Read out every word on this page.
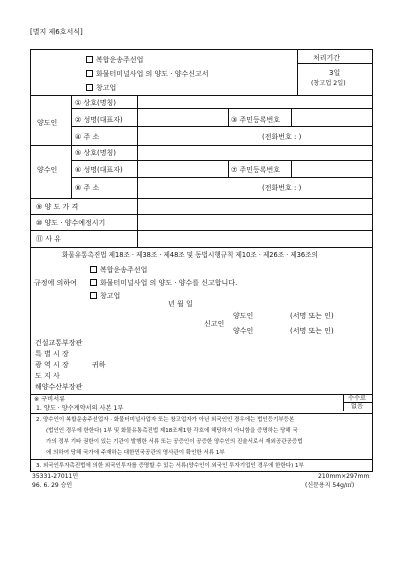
[별지 제6호서식]
복합운송주선업
화물터미널사업 의 양도 · 양수신고서
창고업
처리기간
3일
(창고업 2일)
양도인
① 상호(명칭)
② 성명(대표자)	③ 주민등록번호
④ 주 소	(전화번호 : )
양수인
⑤ 상호(명칭)
⑥ 성명(대표자)	⑦ 주민등록번호
⑧ 주 소	(전화번호 : )
⑨ 양 도 가 격
⑩ 양도 · 양수예정시기
⑪ 사 유
화물유통촉진법 제18조 · 제38조 · 제48조 및 동법시행규칙 제10조 · 제26조 · 제36조의
규정에 의하여
복합운송주선업
화물터미널사업 의 양도 · 양수를 신고합니다.
창고업
년 월 일
신고인
양도인	(서명 또는 인)
양수인	(서명 또는 인)
건설교통부장관
특 별 시 장
광 역 시 장
도 지 사
해양수산부장관
귀하
※ 구비서류	수수료
없음
1. 양도 · 양수계약서의 사본 1부
2. 양수인이 복합운송주선업자 · 화물터미널사업자 또는 창고업자가 아닌 외국인인 경우에는 법인등기부등본
(법인인 경우에 한한다) 1부 및 화물유통촉진법 제18조제1항 각호에 해당하지 아니함을 증명하는 당해 국
가의 정부 기타 권한이 있는 기관이 발행한 서류 또는 공증인이 공증한 양수인의 진술서로서 재외공관공증법
에 의하여 당해 국가에 주재하는 대한민국공관의 영사관이 확인한 서류 1부
3. 외국인투자촉진법에 의한 외국인투자를 증명할 수 있는 서류(양수인이 외국인 투자기업인 경우에 한한다) 1부
35331-27011민
96. 6. 29 승인
210mm×297mm
(신문용지 54g/㎡)
